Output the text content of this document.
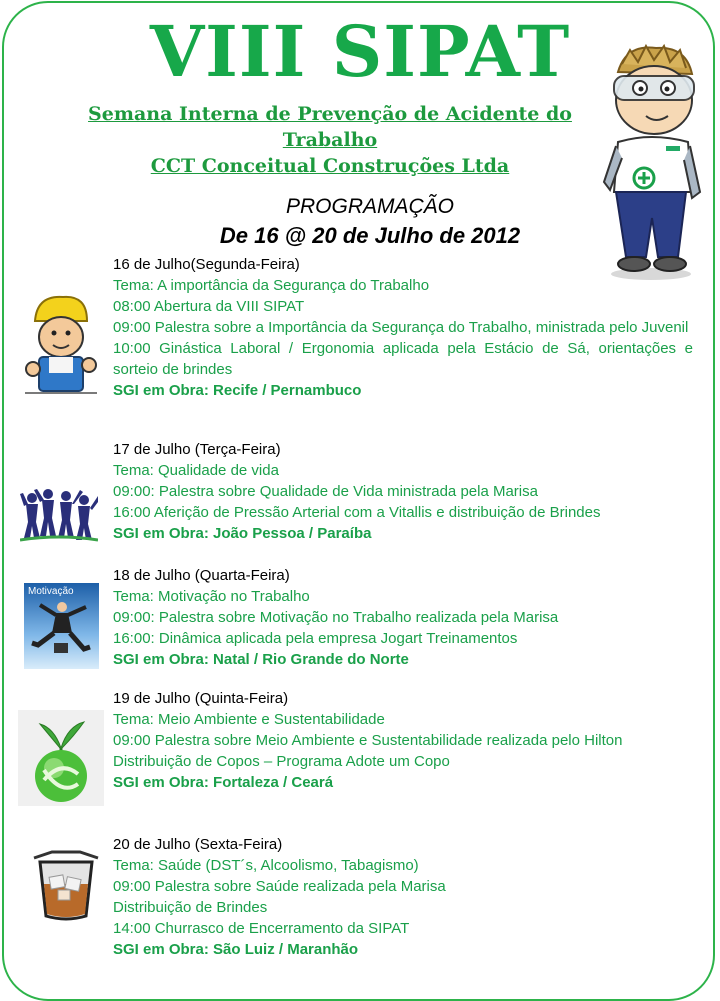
VIII SIPAT
Semana Interna de Prevenção de Acidente do
Trabalho
CCT Conceitual Construções Ltda
PROGRAMAÇÃO
De 16 @ 20 de Julho de 2012
16 de Julho(Segunda-Feira)
Tema: A importância da Segurança do Trabalho
08:00 Abertura da VIII SIPAT
09:00 Palestra sobre a Importância da Segurança do Trabalho, ministrada pelo Juvenil
10:00 Ginástica Laboral / Ergonomia aplicada pela Estácio de Sá, orientações e sorteio de brindes
SGI em Obra: Recife / Pernambuco
17 de Julho (Terça-Feira)
Tema: Qualidade de vida
09:00: Palestra sobre Qualidade de Vida ministrada pela Marisa
16:00 Aferição de Pressão Arterial com a Vitallis e distribuição de Brindes
SGI em Obra: João Pessoa / Paraíba
Motivação
18 de Julho (Quarta-Feira)
Tema: Motivação no Trabalho
09:00: Palestra sobre Motivação no Trabalho realizada pela Marisa
16:00: Dinâmica aplicada pela empresa Jogart Treinamentos
SGI em Obra: Natal / Rio Grande do Norte
19 de Julho (Quinta-Feira)
Tema: Meio Ambiente e Sustentabilidade
09:00 Palestra sobre Meio Ambiente e Sustentabilidade realizada pelo Hilton
Distribuição de Copos – Programa Adote um Copo
SGI em Obra: Fortaleza / Ceará
20 de Julho (Sexta-Feira)
Tema: Saúde (DST´s, Alcoolismo, Tabagismo)
09:00 Palestra sobre Saúde realizada pela Marisa
Distribuição de Brindes
14:00 Churrasco de Encerramento da SIPAT
SGI em Obra: São Luiz / Maranhão
